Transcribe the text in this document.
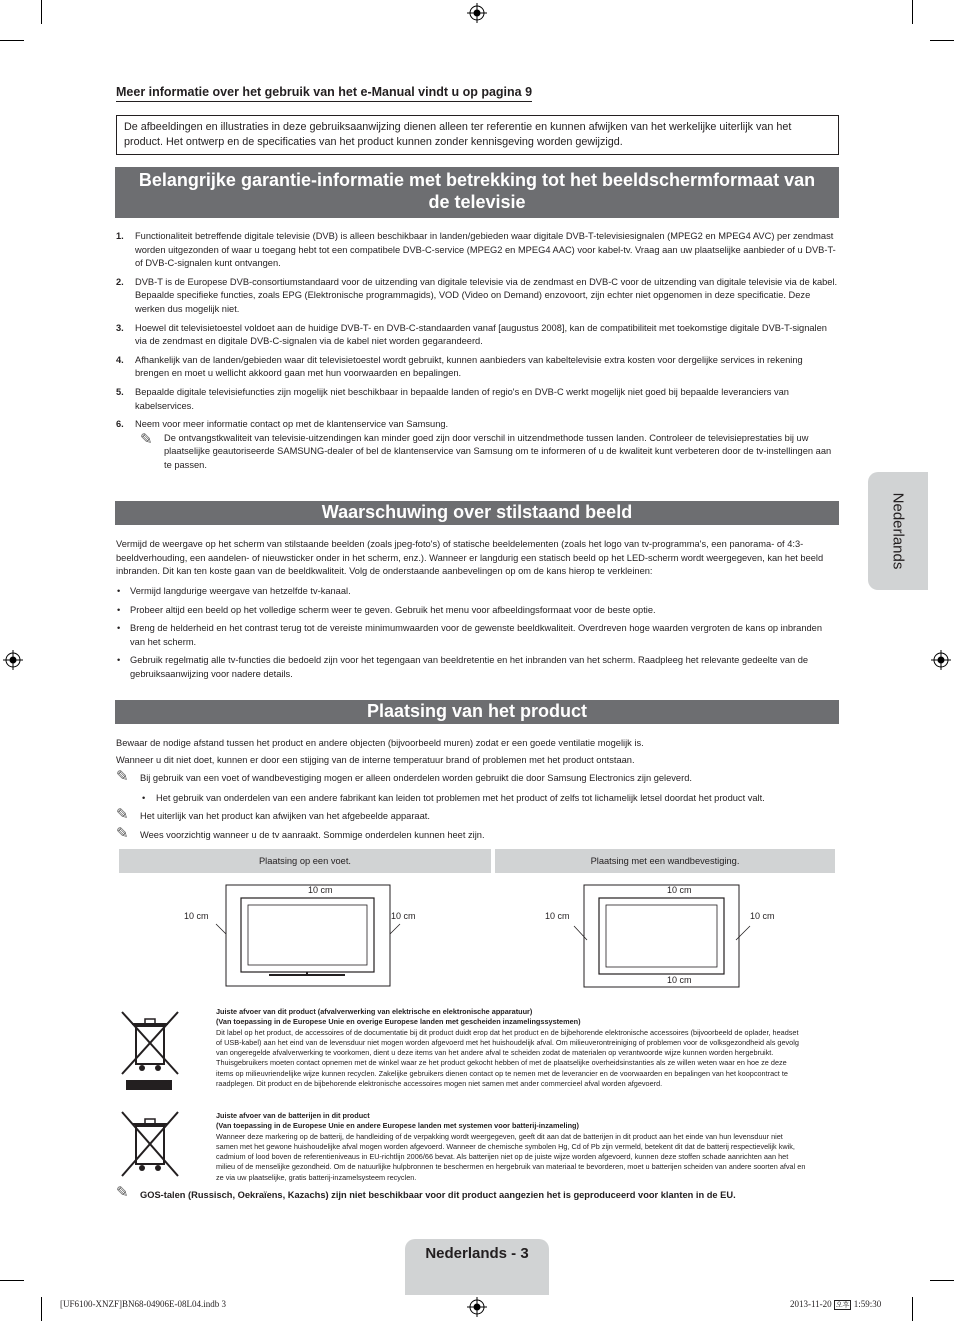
Meer informatie over het gebruik van het e-Manual vindt u op pagina 9
De afbeeldingen en illustraties in deze gebruiksaanwijzing dienen alleen ter referentie en kunnen afwijken van het werkelijke uiterlijk van het product. Het ontwerp en de specificaties van het product kunnen zonder kennisgeving worden gewijzigd.
Belangrijke garantie-informatie met betrekking tot het beeldschermformaat van de televisie
1. Functionaliteit betreffende digitale televisie (DVB) is alleen beschikbaar in landen/gebieden waar digitale DVB-T-televisiesignalen (MPEG2 en MPEG4 AVC) per zendmast worden uitgezonden of waar u toegang hebt tot een compatibele DVB-C-service (MPEG2 en MPEG4 AAC) voor kabel-tv. Vraag aan uw plaatselijke aanbieder of u DVB-T- of DVB-C-signalen kunt ontvangen.
2. DVB-T is de Europese DVB-consortiumstandaard voor de uitzending van digitale televisie via de zendmast en DVB-C voor de uitzending van digitale televisie via de kabel. Bepaalde specifieke functies, zoals EPG (Elektronische programmagids), VOD (Video on Demand) enzovoort, zijn echter niet opgenomen in deze specificatie. Deze werken dus mogelijk niet.
3. Hoewel dit televisietoestel voldoet aan de huidige DVB-T- en DVB-C-standaarden vanaf [augustus 2008], kan de compatibiliteit met toekomstige digitale DVB-T-signalen via de zendmast en digitale DVB-C-signalen via de kabel niet worden gegarandeerd.
4. Afhankelijk van de landen/gebieden waar dit televisietoestel wordt gebruikt, kunnen aanbieders van kabeltelevisie extra kosten voor dergelijke services in rekening brengen en moet u wellicht akkoord gaan met hun voorwaarden en bepalingen.
5. Bepaalde digitale televisiefuncties zijn mogelijk niet beschikbaar in bepaalde landen of regio's en DVB-C werkt mogelijk niet goed bij bepaalde leveranciers van kabelservices.
6. Neem voor meer informatie contact op met de klantenservice van Samsung.
✎ De ontvangstkwaliteit van televisie-uitzendingen kan minder goed zijn door verschil in uitzendmethode tussen landen. Controleer de televisieprestaties bij uw plaatselijke geautoriseerde SAMSUNG-dealer of bel de klantenservice van Samsung om te informeren of u de kwaliteit kunt verbeteren door de tv-instellingen aan te passen.
Nederlands
Waarschuwing over stilstaand beeld
Vermijd de weergave op het scherm van stilstaande beelden (zoals jpeg-foto's) of statische beeldelementen (zoals het logo van tv-programma's, een panorama- of 4:3-beeldverhouding, een aandelen- of nieuwsticker onder in het scherm, enz.). Wanneer er langdurig een statisch beeld op het LED-scherm wordt weergegeven, kan het beeld inbranden. Dit kan ten koste gaan van de beeldkwaliteit. Volg de onderstaande aanbevelingen op om de kans hierop te verkleinen:
• Vermijd langdurige weergave van hetzelfde tv-kanaal.
• Probeer altijd een beeld op het volledige scherm weer te geven. Gebruik het menu voor afbeeldingsformaat voor de beste optie.
• Breng de helderheid en het contrast terug tot de vereiste minimumwaarden voor de gewenste beeldkwaliteit. Overdreven hoge waarden vergroten de kans op inbranden van het scherm.
• Gebruik regelmatig alle tv-functies die bedoeld zijn voor het tegengaan van beeldretentie en het inbranden van het scherm. Raadpleeg het relevante gedeelte van de gebruiksaanwijzing voor nadere details.
Plaatsing van het product
Bewaar de nodige afstand tussen het product en andere objecten (bijvoorbeeld muren) zodat er een goede ventilatie mogelijk is.
Wanneer u dit niet doet, kunnen er door een stijging van de interne temperatuur brand of problemen met het product ontstaan.
✎ Bij gebruik van een voet of wandbevestiging mogen er alleen onderdelen worden gebruikt die door Samsung Electronics zijn geleverd.
• Het gebruik van onderdelen van een andere fabrikant kan leiden tot problemen met het product of zelfs tot lichamelijk letsel doordat het product valt.
✎ Het uiterlijk van het product kan afwijken van het afgebeelde apparaat.
✎ Wees voorzichtig wanneer u de tv aanraakt. Sommige onderdelen kunnen heet zijn.
Plaatsing op een voet.	Plaatsing met een wandbevestiging.
10 cm
10 cm	10 cm
10 cm
10 cm	10 cm
10 cm
Juiste afvoer van dit product (afvalverwerking van elektrische en elektronische apparatuur)
(Van toepassing in de Europese Unie en overige Europese landen met gescheiden inzamelingssystemen)
Dit label op het product, de accessoires of de documentatie bij dit product duidt erop dat het product en de bijbehorende elektronische accessoires (bijvoorbeeld de oplader, headset of USB-kabel) aan het eind van de levensduur niet mogen worden afgevoerd met het huishoudelijk afval. Om milieuverontreiniging of problemen voor de volksgezondheid als gevolg van ongeregelde afvalverwerking te voorkomen, dient u deze items van het andere afval te scheiden zodat de materialen op verantwoorde wijze kunnen worden hergebruikt. Thuisgebruikers moeten contact opnemen met de winkel waar ze het product gekocht hebben of met de plaatselijke overheidsinstanties als ze willen weten waar en hoe ze deze items op milieuvriendelijke wijze kunnen recyclen. Zakelijke gebruikers dienen contact op te nemen met de leverancier en de voorwaarden en bepalingen van het koopcontract te raadplegen. Dit product en de bijbehorende elektronische accessoires mogen niet samen met ander commercieel afval worden afgevoerd.
Juiste afvoer van de batterijen in dit product
(Van toepassing in de Europese Unie en andere Europese landen met systemen voor batterij-inzameling)
Wanneer deze markering op de batterij, de handleiding of de verpakking wordt weergegeven, geeft dit aan dat de batterijen in dit product aan het einde van hun levensduur niet samen met het gewone huishoudelijke afval mogen worden afgevoerd. Wanneer de chemische symbolen Hg, Cd of Pb zijn vermeld, betekent dit dat de batterij respectievelijk kwik, cadmium of lood boven de referentieniveaus in EU-richtlijn 2006/66 bevat. Als batterijen niet op de juiste wijze worden afgevoerd, kunnen deze stoffen schade aanrichten aan het milieu of de menselijke gezondheid. Om de natuurlijke hulpbronnen te beschermen en hergebruik van materiaal te bevorderen, moet u batterijen scheiden van andere soorten afval en ze via uw plaatselijke, gratis batterij-inzamelsysteem recyclen.
✎ GOS-talen (Russisch, Oekraïens, Kazachs) zijn niet beschikbaar voor dit product aangezien het is geproduceerd voor klanten in de EU.
Nederlands - 3
[UF6100-XNZF]BN68-04906E-08L04.indb 3	2013-11-20 오후 1:59:30
